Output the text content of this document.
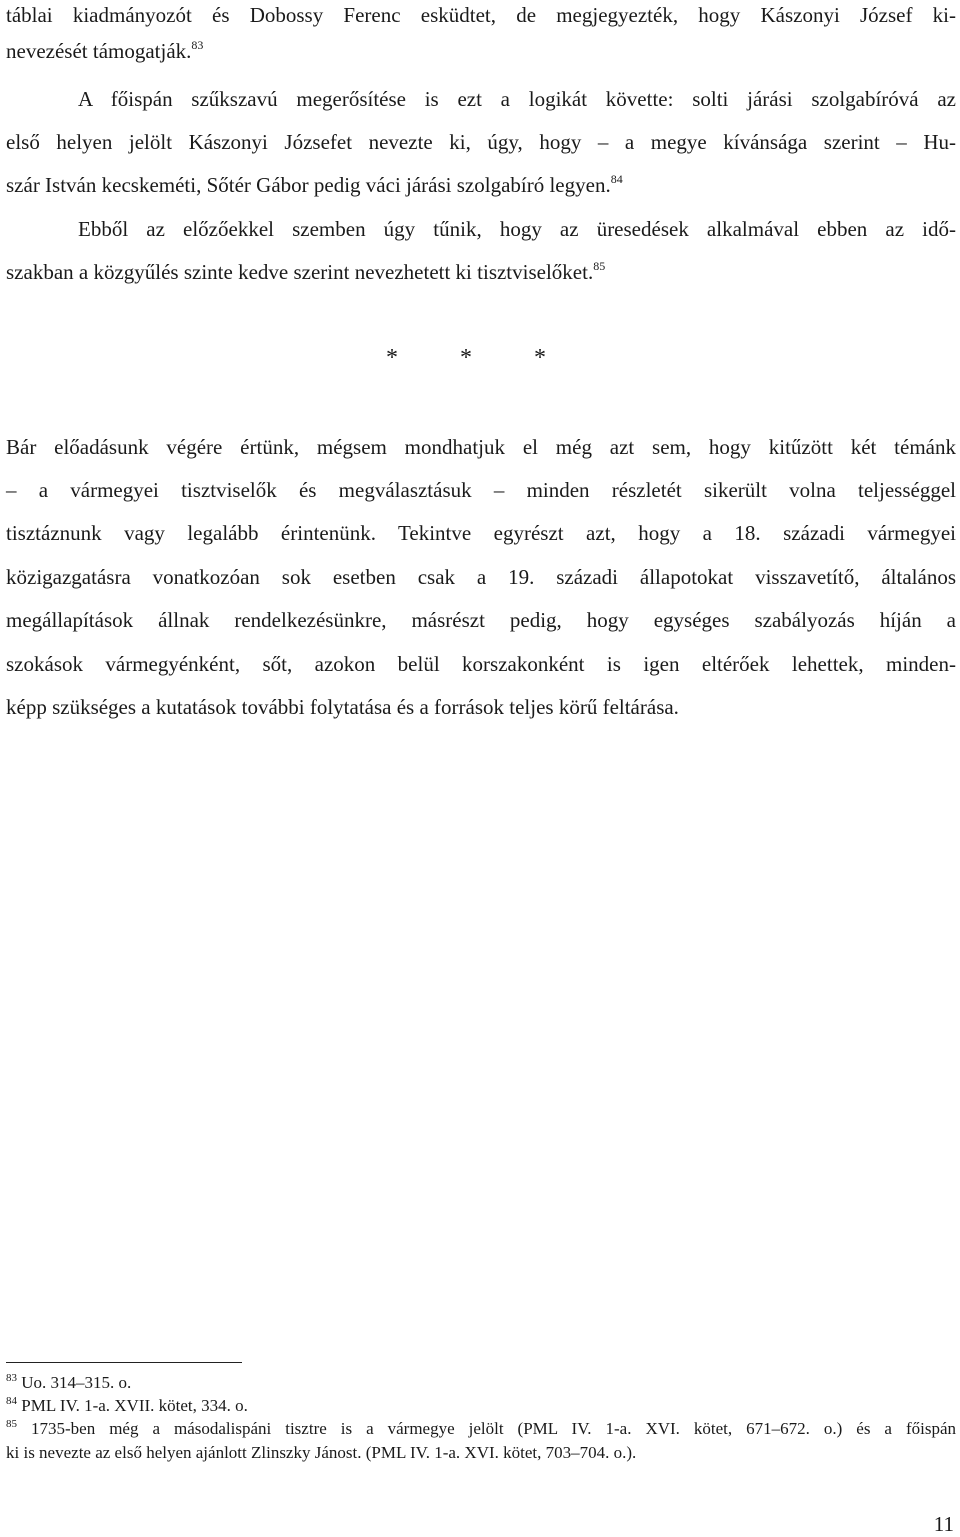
táblai kiadmányozót és Dobossy Ferenc esküdtet, de megjegyezték, hogy Kászonyi József ki-
nevezését támogatják.$^{83}$
A főispán szűkszavú megerősítése is ezt a logikát követte: solti járási szolgabíróvá az
első helyen jelölt Kászonyi Józsefet nevezte ki, úgy, hogy – a megye kívánsága szerint – Hu-
szár István kecskeméti, Sőtér Gábor pedig váci járási szolgabíró legyen.$^{84}$
Ebből az előzőekkel szemben úgy tűnik, hogy az üresedések alkalmával ebben az idő-
szakban a közgyűlés szinte kedve szerint nevezhetett ki tisztviselőket.$^{85}$
* * *
Bár előadásunk végére értünk, mégsem mondhatjuk el még azt sem, hogy kitűzött két témánk
– a vármegyei tisztviselők és megválasztásuk – minden részletét sikerült volna teljességgel
tisztáznunk vagy legalább érintenünk. Tekintve egyrészt azt, hogy a 18. századi vármegyei
közigazgatásra vonatkozóan sok esetben csak a 19. századi állapotokat visszavetítő, általános
megállapítások állnak rendelkezésünkre, másrészt pedig, hogy egységes szabályozás híján a
szokások vármegyénként, sőt, azokon belül korszakonként is igen eltérőek lehettek, minden-
képp szükséges a kutatások további folytatása és a források teljes körű feltárása.
$^{83}$ Uo. 314–315. o.
$^{84}$ PML IV. 1-a. XVII. kötet, 334. o.
$^{85}$ 1735-ben még a másodalispáni tisztre is a vármegye jelölt (PML IV. 1-a. XVI. kötet, 671–672. o.) és a főispán
ki is nevezte az első helyen ajánlott Zlinszky Jánost. (PML IV. 1-a. XVI. kötet, 703–704. o.).
11
